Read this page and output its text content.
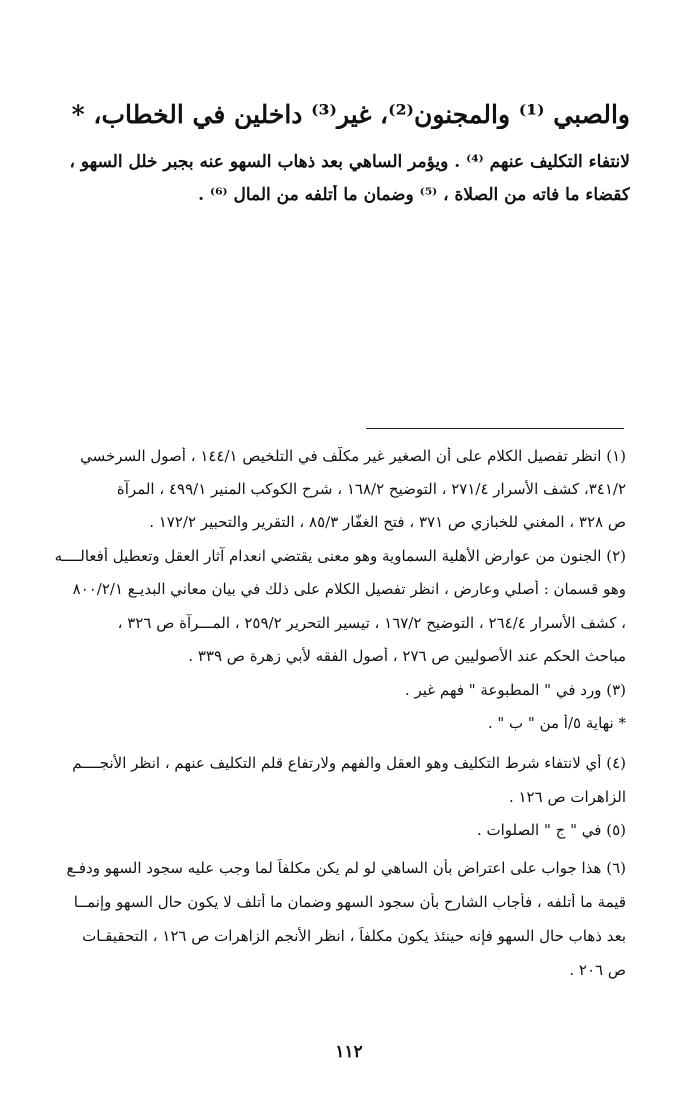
والصبي ⁽¹⁾ والمجنون⁽²⁾، غير⁽³⁾ داخلين في الخطاب، *

لانتفاء التكليف عنهم ⁽⁴⁾ . ويؤمر الساهي بعد ذهاب السهو عنه بجبر خلل السهو ،

كقضاء ما فاته من الصلاة ، ⁽⁵⁾ وضمان ما أتلفه من المال ⁽⁶⁾ .

(١) انظر تفصيل الكلام على أن الصغير غير مكلّف في التلخيص ١٤٤/١ ، أصول السرخسي

٣٤١/٢، كشف الأسرار ٢٧١/٤ ، التوضيح ١٦٨/٢ ، شرح الكوكب المنير ٤٩٩/١ ، المرآة

ص ٣٢٨ ، المغني للخبازي ص ٣٧١ ، فتح الغفّار ٨٥/٣ ، التقرير والتحبير ١٧٢/٢ .

(٢) الجنون من عوارض الأهلية السماوية وهو معنى يقتضي انعدام آثار العقل وتعطيل أفعالــــه

وهو قسمان : أصلي وعارض ، انظر تفصيل الكلام على ذلك في بيان معاني البديـع ٨٠٠/٢/١

، كشف الأسرار ٢٦٤/٤ ، التوضيح ١٦٧/٢ ، تيسير التحرير ٢٥٩/٢ ، المـــرآة ص ٣٢٦ ،

مباحث الحكم عند الأصوليين ص ٢٧٦ ، أصول الفقه لأبي زهرة ص ٣٣٩ .

(٣) ورد في " المطبوعة " فهم غير .

* نهاية ٥/أ من " ب " .

(٤) أي لانتفاء شرط التكليف وهو العقل والفهم ولارتفاع قلم التكليف عنهم ، انظر الأنجــــم

الزاهرات ص ١٢٦ .

(٥) في " ج " الصلوات .

(٦) هذا جواب على اعتراض بأن الساهي لو لم يكن مكلفاً لما وجب عليه سجود السهو ودفـع

قيمة ما أتلفه ، فأجاب الشارح بأن سجود السهو وضمان ما أتلف لا يكون حال السهو وإنمــا

بعد ذهاب حال السهو فإنه حينئذ يكون مكلفاً ، انظر الأنجم الزاهرات ص ١٢٦ ، التحقيقـات

ص ٢٠٦ .

١١٢
